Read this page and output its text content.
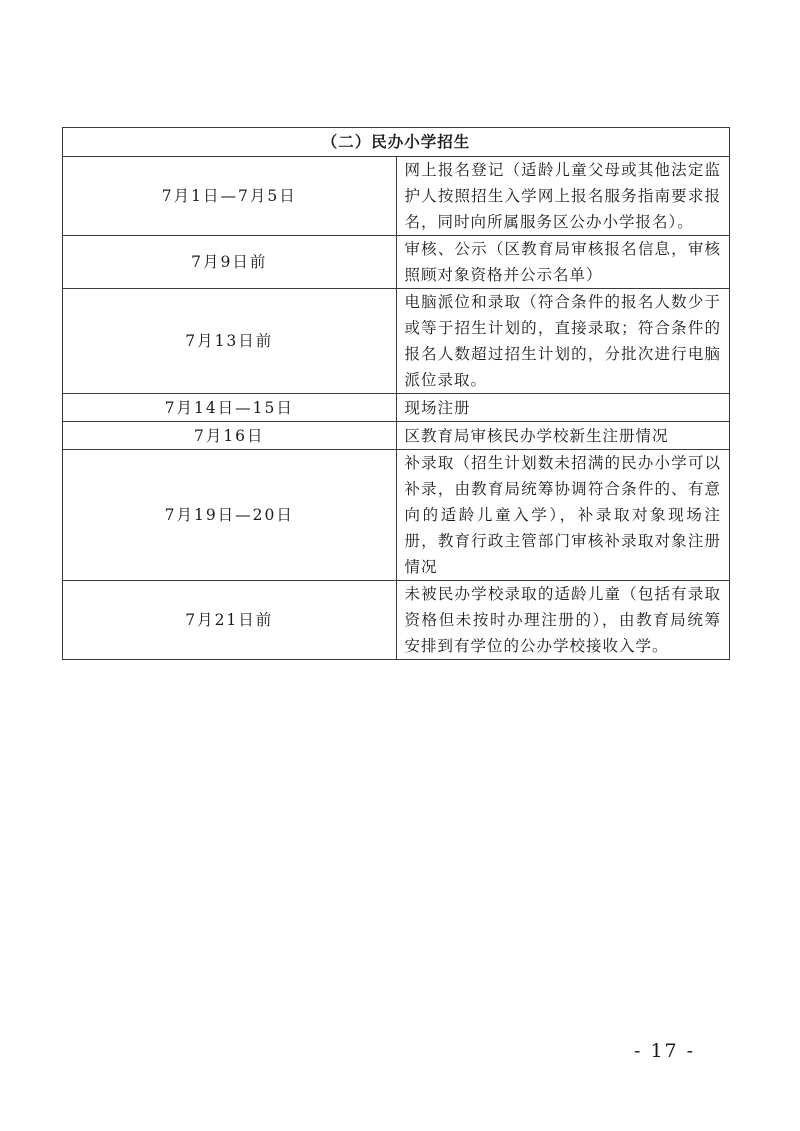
（二）民办小学招生	
7月1日—7月5日	网上报名登记（适龄儿童父母或其他法定监护人按照招生入学网上报名服务指南要求报名，同时向所属服务区公办小学报名）。
7月9日前	审核、公示（区教育局审核报名信息，审核照顾对象资格并公示名单）
7月13日前	电脑派位和录取（符合条件的报名人数少于或等于招生计划的，直接录取；符合条件的报名人数超过招生计划的，分批次进行电脑派位录取。
7月14日—15日	现场注册
7月16日	区教育局审核民办学校新生注册情况
7月19日—20日	补录取（招生计划数未招满的民办小学可以补录，由教育局统筹协调符合条件的、有意向的适龄儿童入学），补录取对象现场注册，教育行政主管部门审核补录取对象注册情况
7月21日前	未被民办学校录取的适龄儿童（包括有录取资格但未按时办理注册的），由教育局统筹安排到有学位的公办学校接收入学。
- 17 -
